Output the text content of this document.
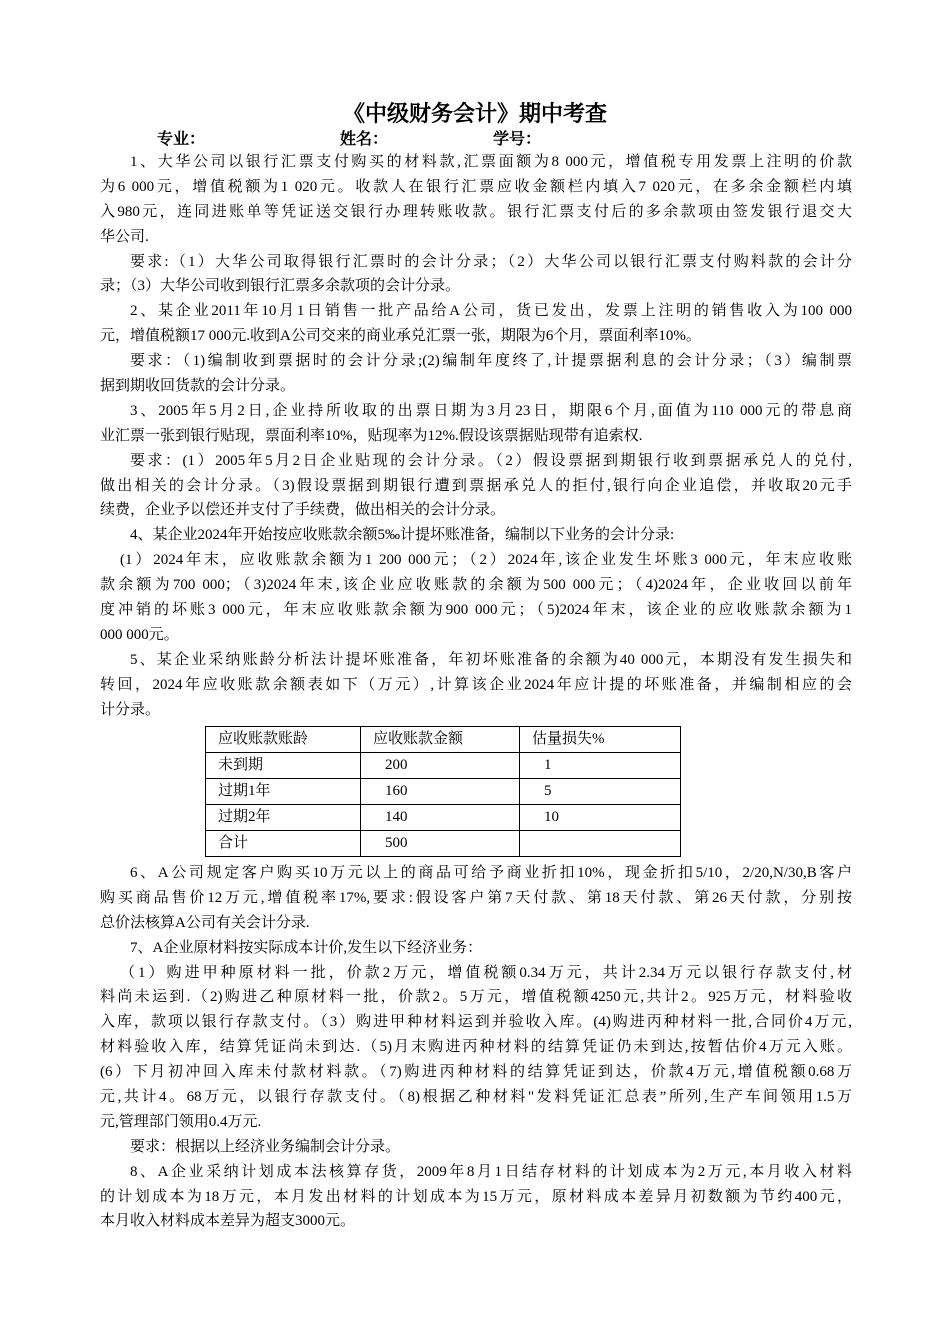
《中级财务会计》期中考查
专业：	姓名：	学号：
1、大华公司以银行汇票支付购买的材料款,汇票面额为8 000元，增值税专用发票上注明的价款
为6 000元，增值税额为1 020元。收款人在银行汇票应收金额栏内填入7 020元，在多余金额栏内填
入980元，连同进账单等凭证送交银行办理转账收款。银行汇票支付后的多余款项由签发银行退交大
华公司.
要求:（1）大华公司取得银行汇票时的会计分录；（2）大华公司以银行汇票支付购料款的会计分
录；（3）大华公司收到银行汇票多余款项的会计分录。
2、某企业2011年10月1日销售一批产品给A公司，货已发出，发票上注明的销售收入为100 000
元，增值税额17 000元.收到A公司交来的商业承兑汇票一张，期限为6个月，票面利率10%。
要求：（1)编制收到票据时的会计分录;(2)编制年度终了,计提票据利息的会计分录；（3）编制票
据到期收回货款的会计分录。
3、2005年5月2日,企业持所收取的出票日期为3月23日，期限6个月,面值为110 000元的带息商
业汇票一张到银行贴现，票面利率10%，贴现率为12%.假设该票据贴现带有追索权.
要求：(1）2005年5月2日企业贴现的会计分录。（2）假设票据到期银行收到票据承兑人的兑付,
做出相关的会计分录。（3)假设票据到期银行遭到票据承兑人的拒付,银行向企业追偿，并收取20元手
续费，企业予以偿还并支付了手续费，做出相关的会计分录。
4、某企业2024年开始按应收账款余额5‰计提坏账准备，编制以下业务的会计分录:
(1）2024年末，应收账款余额为1 200 000元；（2）2024年,该企业发生坏账3 000元，年末应收账
款余额为700 000；（3)2024年末,该企业应收账款的余额为500 000元；（4)2024年，企业收回以前年
度冲销的坏账3 000元，年末应收账款余额为900 000元；（5)2024年末，该企业的应收账款余额为1
000 000元。
5、某企业采纳账龄分析法计提坏账准备，年初坏账准备的余额为40 000元，本期没有发生损失和
转回，2024年应收账款余额表如下（万元）,计算该企业2024年应计提的坏账准备，并编制相应的会
计分录。
应收账款账龄	应收账款金额	估量损失%
未到期	200	1
过期1年	160	5
过期2年	140	10
合计	500	
6、A公司规定客户购买10万元以上的商品可给予商业折扣10%，现金折扣5/10，2/20,N/30,B客户
购买商品售价12万元,增值税率17%,要求:假设客户第7天付款、第18天付款、第26天付款，分别按
总价法核算A公司有关会计分录.
7、A企业原材料按实际成本计价,发生以下经济业务：
（1）购进甲种原材料一批，价款2万元，增值税额0.34万元，共计2.34万元以银行存款支付,材
料尚未运到.（2)购进乙种原材料一批，价款2。5万元，增值税额4250元,共计2。925万元，材料验收
入库，款项以银行存款支付。（3）购进甲种材料运到并验收入库。(4)购进丙种材料一批,合同价4万元,
材料验收入库，结算凭证尚未到达.（5)月末购进丙种材料的结算凭证仍未到达,按暂估价4万元入账。
(6）下月初冲回入库未付款材料款。（7)购进丙种材料的结算凭证到达，价款4万元,增值税额0.68万
元,共计4。68万元，以银行存款支付。（8)根据乙种材料"发料凭证汇总表”所列,生产车间领用1.5万
元,管理部门领用0.4万元.
要求：根据以上经济业务编制会计分录。
8、A企业采纳计划成本法核算存货，2009年8月1日结存材料的计划成本为2万元,本月收入材料
的计划成本为18万元，本月发出材料的计划成本为15万元，原材料成本差异月初数额为节约400元，
本月收入材料成本差异为超支3000元。
